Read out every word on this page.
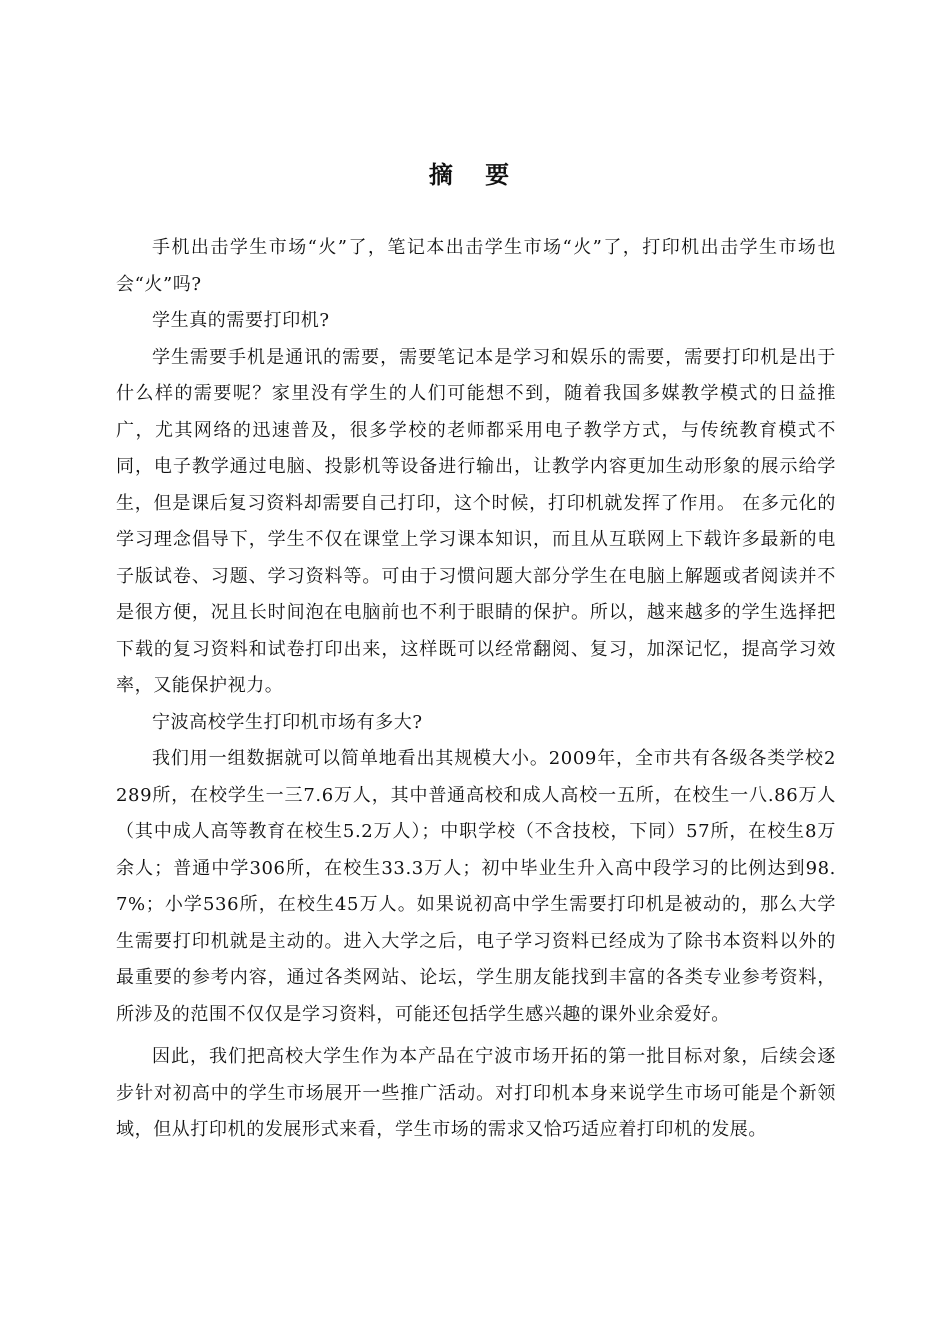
摘 要

手机出击学生市场“火”了，笔记本出击学生市场“火”了，打印机出击学生市场也会“火”吗?

学生真的需要打印机?

学生需要手机是通讯的需要，需要笔记本是学习和娱乐的需要，需要打印机是出于什么样的需要呢？家里没有学生的人们可能想不到，随着我国多媒教学模式的日益推广，尤其网络的迅速普及，很多学校的老师都采用电子教学方式，与传统教育模式不同，电子教学通过电脑、投影机等设备进行输出，让教学内容更加生动形象的展示给学生，但是课后复习资料却需要自己打印，这个时候，打印机就发挥了作用。 在多元化的学习理念倡导下，学生不仅在课堂上学习课本知识，而且从互联网上下载许多最新的电子版试卷、习题、学习资料等。可由于习惯问题大部分学生在电脑上解题或者阅读并不是很方便，况且长时间泡在电脑前也不利于眼睛的保护。所以，越来越多的学生选择把下载的复习资料和试卷打印出来，这样既可以经常翻阅、复习，加深记忆，提高学习效率，又能保护视力。

宁波高校学生打印机市场有多大?

我们用一组数据就可以简单地看出其规模大小。2009年，全市共有各级各类学校2289所，在校学生一三7.6万人，其中普通高校和成人高校一五所，在校生一八.86万人（其中成人高等教育在校生5.2万人）；中职学校（不含技校，下同）57所，在校生8万余人；普通中学306所，在校生33.3万人；初中毕业生升入高中段学习的比例达到98.7%；小学536所，在校生45万人。如果说初高中学生需要打印机是被动的，那么大学生需要打印机就是主动的。进入大学之后，电子学习资料已经成为了除书本资料以外的最重要的参考内容，通过各类网站、论坛，学生朋友能找到丰富的各类专业参考资料，所涉及的范围不仅仅是学习资料，可能还包括学生感兴趣的课外业余爱好。

因此，我们把高校大学生作为本产品在宁波市场开拓的第一批目标对象，后续会逐步针对初高中的学生市场展开一些推广活动。对打印机本身来说学生市场可能是个新领域，但从打印机的发展形式来看，学生市场的需求又恰巧适应着打印机的发展。
